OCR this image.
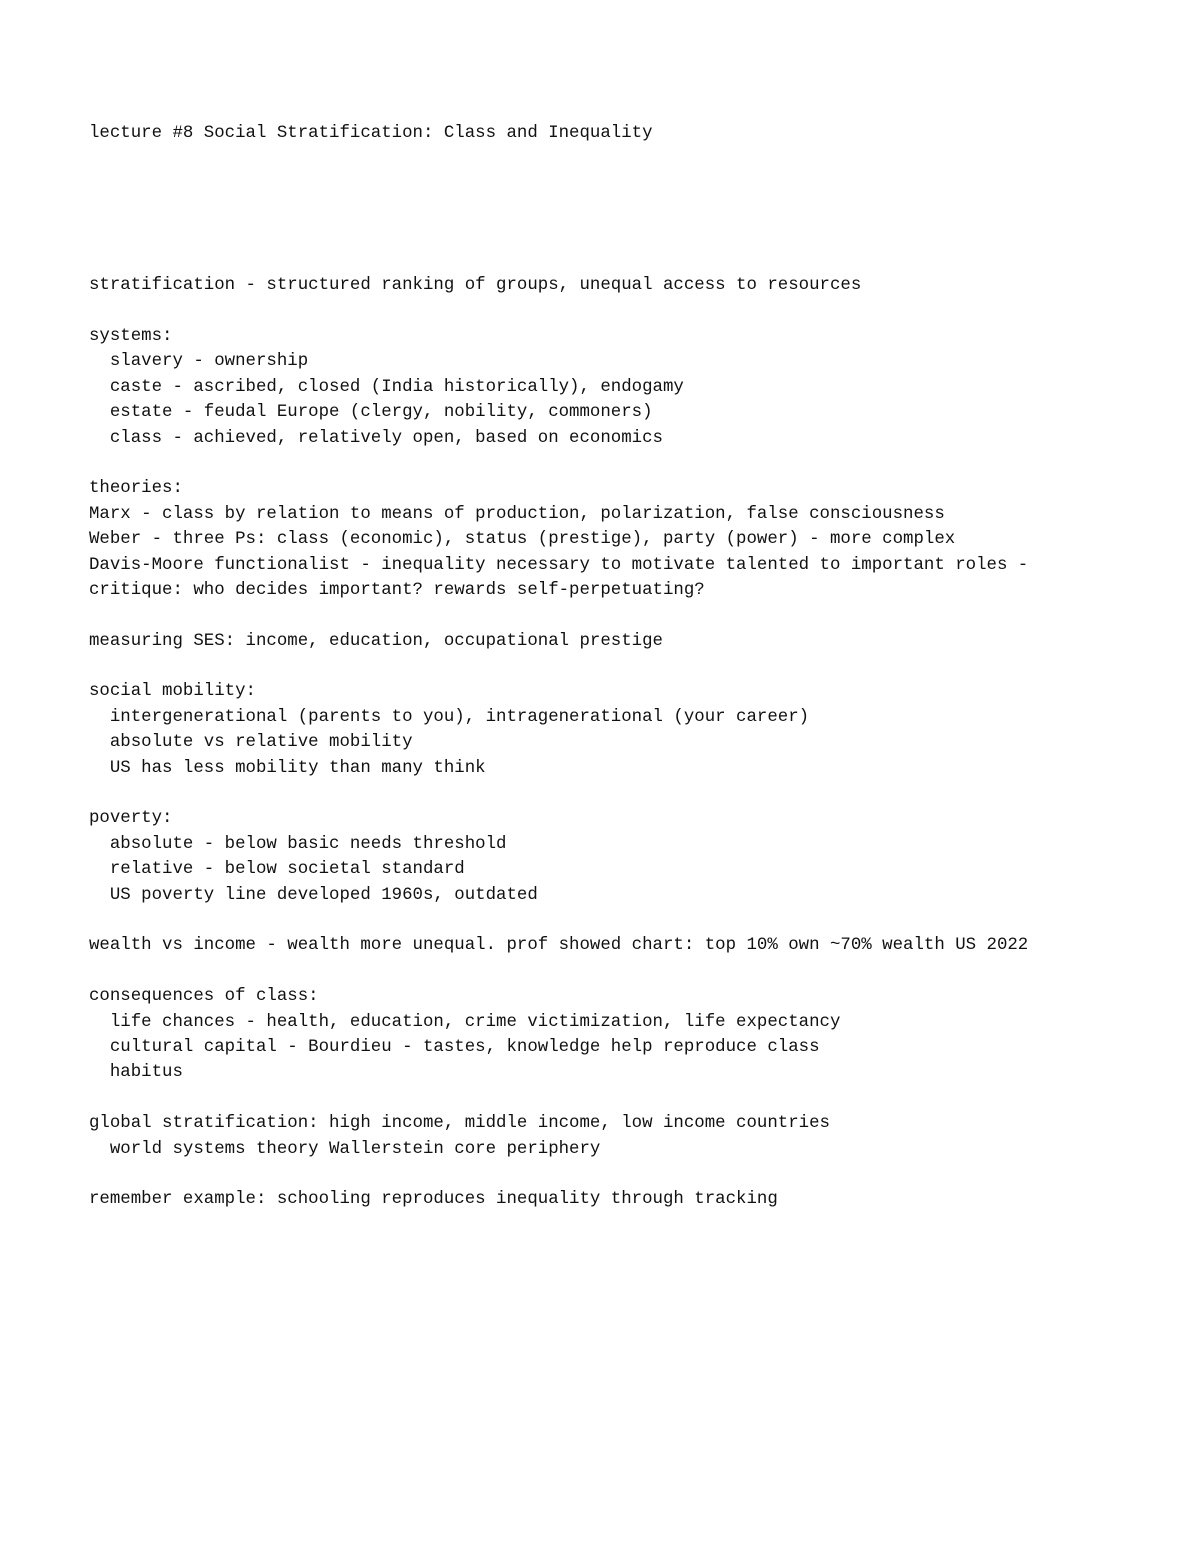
lecture #8 Social Stratification: Class and Inequality

stratification - structured ranking of groups, unequal access to resources
systems:
slavery - ownership
caste - ascribed, closed (India historically), endogamy
estate - feudal Europe (clergy, nobility, commoners)
class - achieved, relatively open, based on economics
theories:
Marx - class by relation to means of production, polarization, false consciousness
Weber - three Ps: class (economic), status (prestige), party (power) - more complex
Davis-Moore functionalist - inequality necessary to motivate talented to important roles -
critique: who decides important? rewards self-perpetuating?
measuring SES: income, education, occupational prestige
social mobility:
intergenerational (parents to you), intragenerational (your career)
absolute vs relative mobility
US has less mobility than many think
poverty:
absolute - below basic needs threshold
relative - below societal standard
US poverty line developed 1960s, outdated
wealth vs income - wealth more unequal. prof showed chart: top 10% own ~70% wealth US 2022
consequences of class:
life chances - health, education, crime victimization, life expectancy
cultural capital - Bourdieu - tastes, knowledge help reproduce class
habitus
global stratification: high income, middle income, low income countries
world systems theory Wallerstein core periphery
remember example: schooling reproduces inequality through tracking
